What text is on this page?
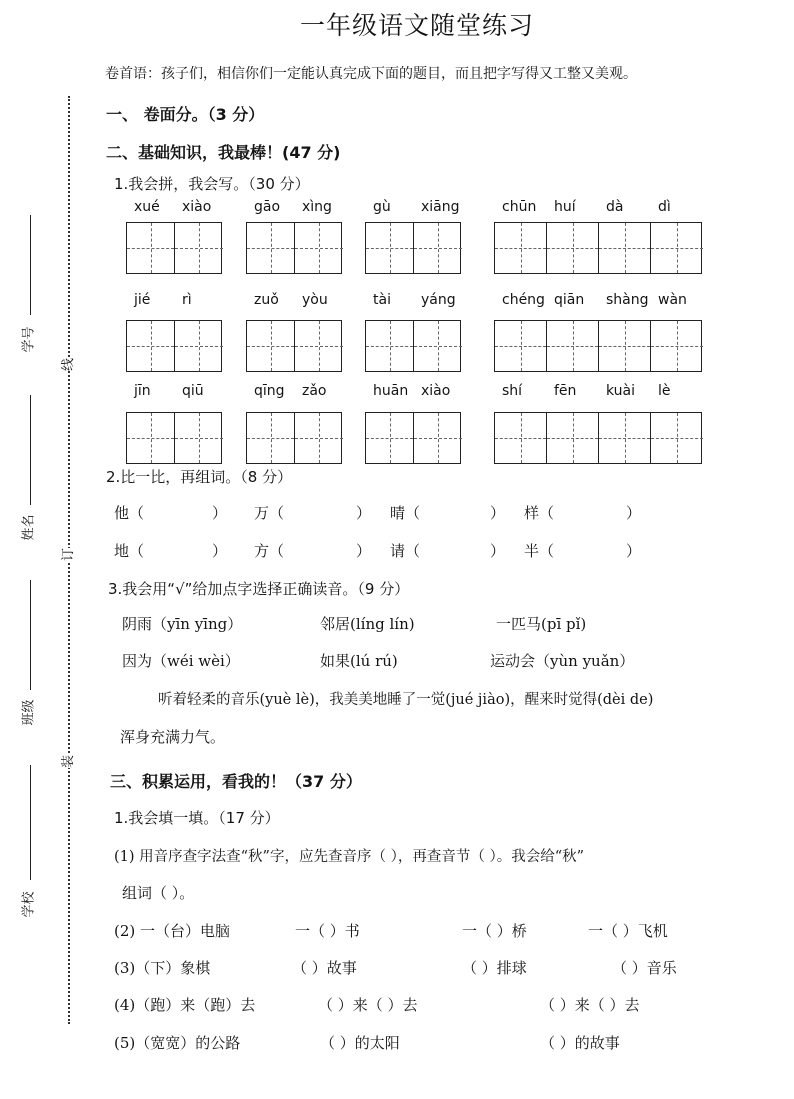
一年级语文随堂练习
卷首语：孩子们，相信你们一定能认真完成下面的题目，而且把字写得又工整又美观。
学号
姓名
班级
学校
线
订
装
一、 卷面分。（3 分）
二、基础知识，我最棒！(47 分)
1.我会拼，我会写。（30 分）
xué xiào	gāo xìng	gù xiāng	chūn huí dà dì
jié rì	zuǒ yòu	tài yáng	chéng qiān shàng wàn
jīn qiū	qīng zǎo	huān xiào	shí fēn kuài lè
2.比一比，再组词。（8 分）
他（	） 万（	） 晴（	） 样（	）
地（	） 方（	） 请（	） 半（	）
3.我会用“√”给加点字选择正确读音。（9 分）
阴雨（yīn yīng）	邻居(líng lín)	一匹马(pī pǐ)
因为（wéi wèi）	如果(lú rú)	运动会（yùn yuǎn）
听着轻柔的音乐(yuè lè)，我美美地睡了一觉(jué jiào)，醒来时觉得(dèi de)
浑身充满力气。
三、积累运用，看我的！（37 分）
1.我会填一填。（17 分）
(1) 用音序查字法查“秋”字，应先查音序（ ），再查音节（ ）。我会给“秋”
组词（ ）。
(2) 一（台）电脑	一（ ）书	一（ ）桥	一（ ）飞机
(3)（下）象棋	（ ）故事	（ ）排球	（ ）音乐
(4)（跑）来（跑）去	（ ）来（ ）去	（ ）来（ ）去
(5)（宽宽）的公路	（ ）的太阳	（ ）的故事
